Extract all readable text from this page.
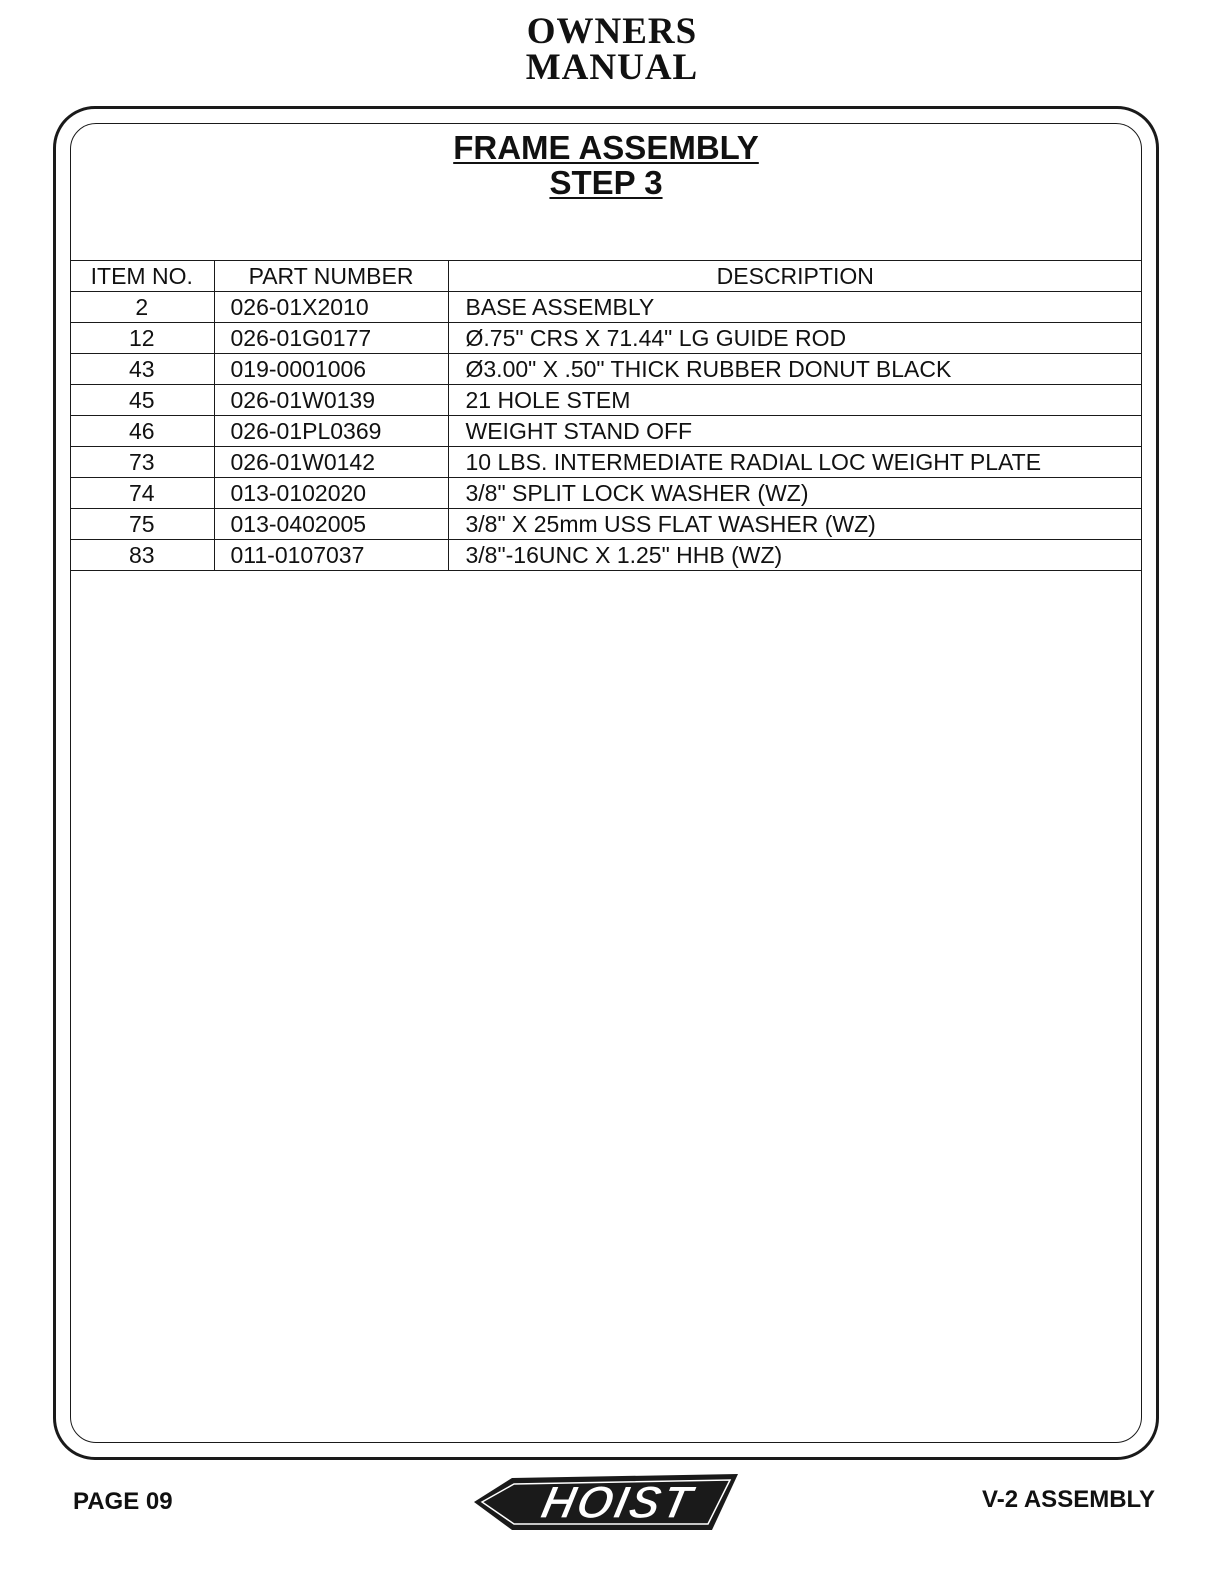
OWNERS
MANUAL
FRAME ASSEMBLY
STEP 3
ITEM NO.	PART NUMBER	DESCRIPTION
2	026-01X2010	BASE ASSEMBLY
12	026-01G0177	Ø.75" CRS X 71.44" LG GUIDE ROD
43	019-0001006	Ø3.00" X .50" THICK RUBBER DONUT BLACK
45	026-01W0139	21 HOLE STEM
46	026-01PL0369	WEIGHT STAND OFF
73	026-01W0142	10 LBS. INTERMEDIATE RADIAL LOC WEIGHT PLATE
74	013-0102020	3/8" SPLIT LOCK WASHER (WZ)
75	013-0402005	3/8" X 25mm USS FLAT WASHER (WZ)
83	011-0107037	3/8"-16UNC X 1.25" HHB (WZ)
PAGE 09	HOIST	V-2 ASSEMBLY
